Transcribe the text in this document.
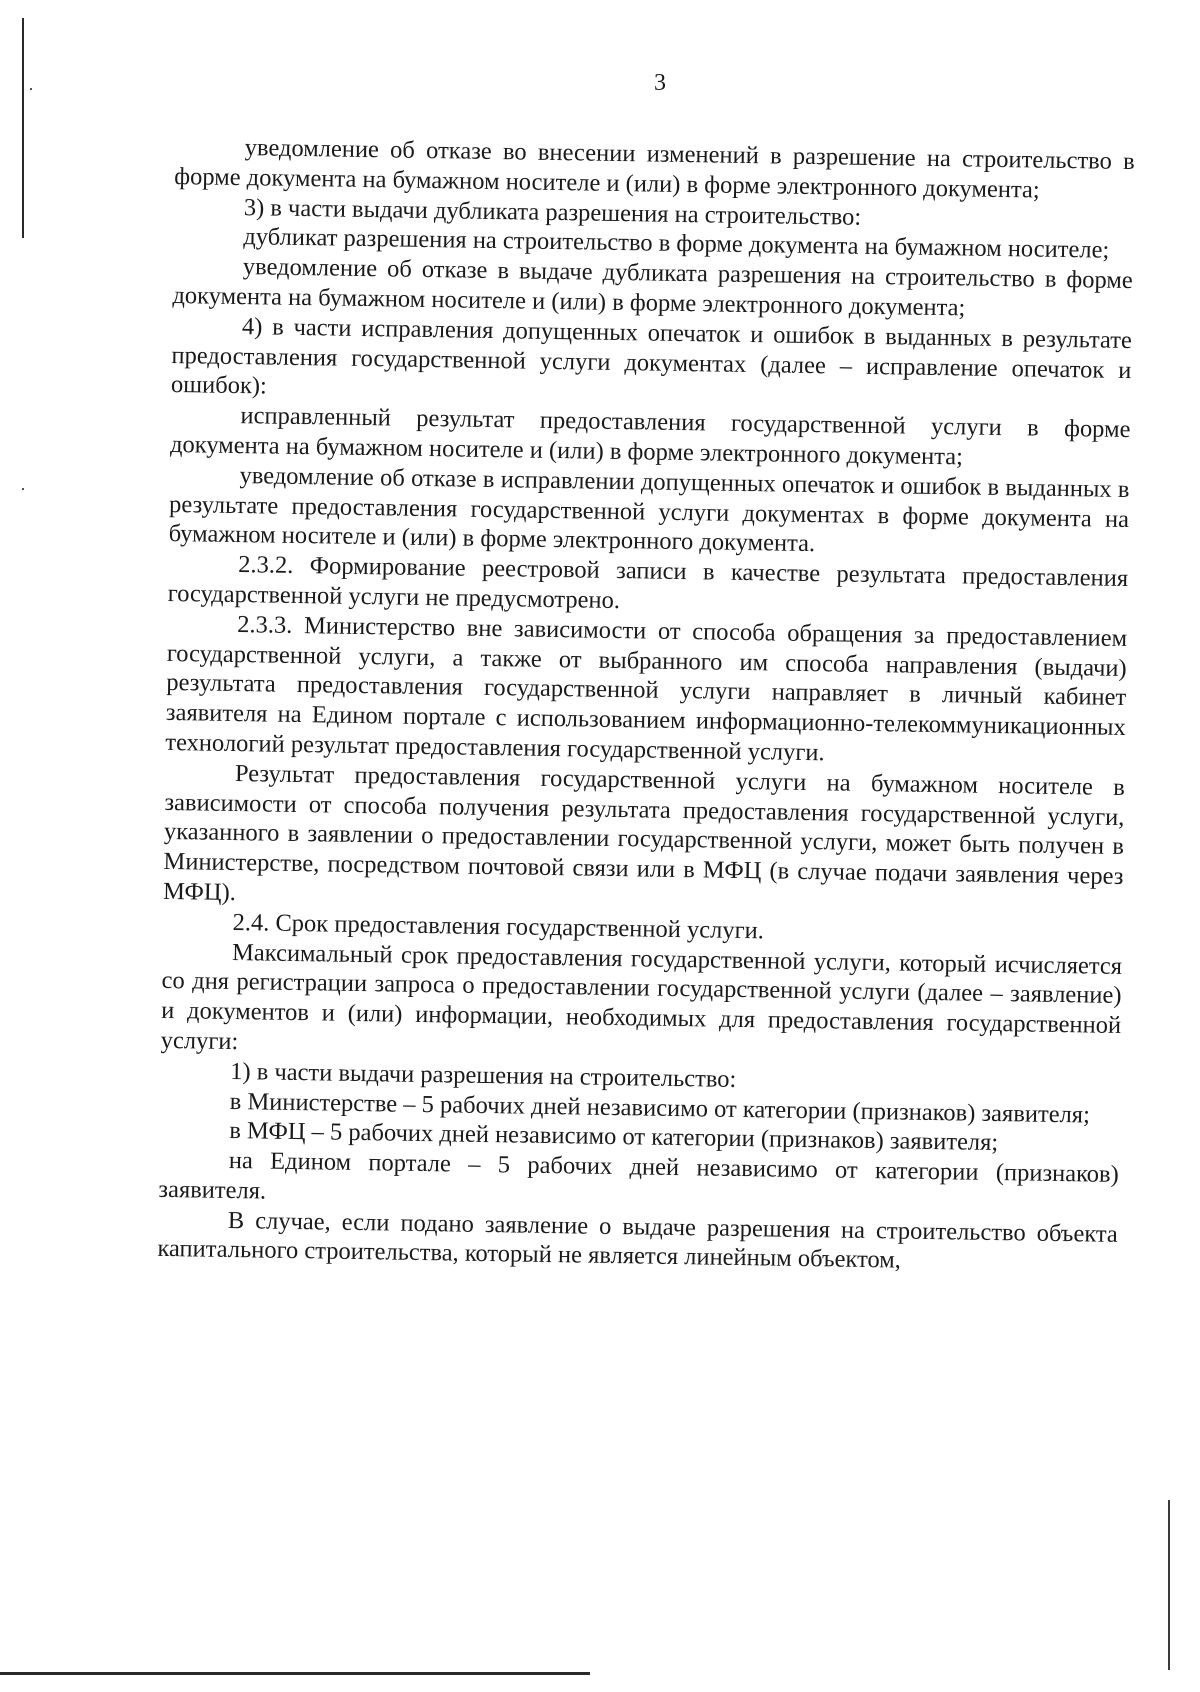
3

уведомление об отказе во внесении изменений в разрешение на строительство в форме документа на бумажном носителе и (или) в форме электронного документа;

3) в части выдачи дубликата разрешения на строительство:

дубликат разрешения на строительство в форме документа на бумажном носителе;

уведомление об отказе в выдаче дубликата разрешения на строительство в форме документа на бумажном носителе и (или) в форме электронного документа;

4) в части исправления допущенных опечаток и ошибок в выданных в результате предоставления государственной услуги документах (далее – исправление опечаток и ошибок):

исправленный результат предоставления государственной услуги в форме документа на бумажном носителе и (или) в форме электронного документа;

уведомление об отказе в исправлении допущенных опечаток и ошибок в выданных в результате предоставления государственной услуги документах в форме документа на бумажном носителе и (или) в форме электронного документа.

2.3.2. Формирование реестровой записи в качестве результата предоставления государственной услуги не предусмотрено.

2.3.3. Министерство вне зависимости от способа обращения за предоставлением государственной услуги, а также от выбранного им способа направления (выдачи) результата предоставления государственной услуги направляет в личный кабинет заявителя на Едином портале с использованием информационно-телекоммуникационных технологий результат предоставления государственной услуги.

Результат предоставления государственной услуги на бумажном носителе в зависимости от способа получения результата предоставления государственной услуги, указанного в заявлении о предоставлении государственной услуги, может быть получен в Министерстве, посредством почтовой связи или в МФЦ (в случае подачи заявления через МФЦ).

2.4. Срок предоставления государственной услуги.

Максимальный срок предоставления государственной услуги, который исчисляется со дня регистрации запроса о предоставлении государственной услуги (далее – заявление) и документов и (или) информации, необходимых для предоставления государственной услуги:

1) в части выдачи разрешения на строительство:

в Министерстве – 5 рабочих дней независимо от категории (признаков) заявителя;

в МФЦ – 5 рабочих дней независимо от категории (признаков) заявителя;

на Едином портале – 5 рабочих дней независимо от категории (признаков) заявителя.

В случае, если подано заявление о выдаче разрешения на строительство объекта капитального строительства, который не является линейным объектом,
